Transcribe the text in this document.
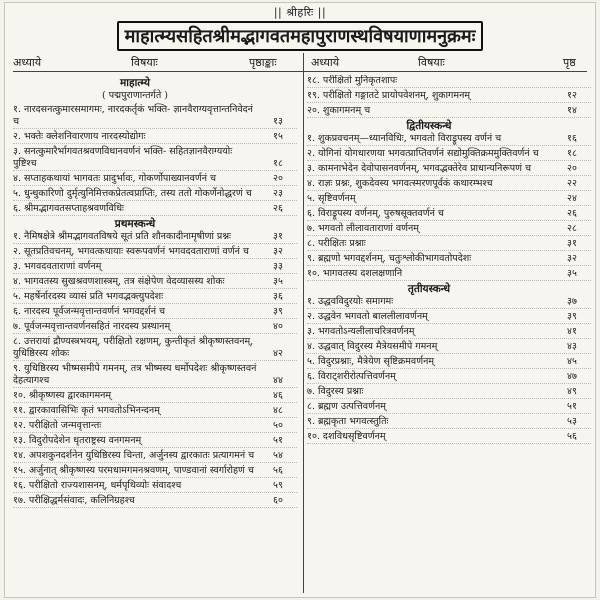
|| श्रीहरिः ||
माहात्म्यसहितश्रीमद्भागवतमहापुराणस्थविषयाणामनुक्रमः
अध्याये	विषयाः	पृष्ठाङ्काः	अध्याये	विषयाः	पृष्ठ
माहात्म्ये
( पद्मपुराणान्तर्गते )
१. नारदसनत्कुमारसमागमः, नारदकर्तृकं भक्ति- ज्ञानवैराग्यवृत्तान्तनिवेदनं च	१३
२. भक्तेः क्लेशनिवारणाय नारदस्योद्योगः	१५
३. सनत्कुमारैर्भागवतश्रवणविधानवर्णनं भक्ति- सहितज्ञानवैराग्ययोः पुष्टिश्च	१८
४. सप्ताहकथायां भागवतः प्रादुर्भावः, गोकर्णोपाख्यानवर्णनं च	२०
५. धुन्धुकारिणो दुर्मृत्युनिमित्तकप्रेतत्वप्राप्तिः, तस्य ततो गोकर्णेनोद्धरणं च	२३
६. श्रीमद्भागवतसप्ताहश्रवणविधिः	२६
प्रथमस्कन्धे
१. नैमिषक्षेत्रे श्रीमद्भागवतविषये सूतं प्रति शौनकादीनामृषीणां प्रश्नः	३१
२. सूतप्रतिवचनम्, भगवत्कथायाः स्वरूपवर्णनं भगवदवताराणां वर्णनं च	३२
३. भगवदवताराणां वर्णनम्	३३
४. भागवतस्य सुखश्रवणशास्त्रम्, तत्र संक्षेपेण वेदव्यासस्य शोकः	३५
५. महर्षेर्नारदस्य व्यासं प्रति भगवद्भक्त्युपदेशः	३६
६. नारदस्य पूर्वजन्मवृत्तान्तवर्णनं भगवद्दर्शनं च	३९
७. पूर्वजन्मवृत्तान्तवर्णनसहितं नारदस्य प्रस्थानम्	४०
८. उत्तरायां द्रौण्यस्त्रभयम्, परीक्षितो रक्षणम्, कुन्तीकृतं श्रीकृष्णस्तवनम्, युधिष्ठिरस्य शोकः	४२
९. युधिष्ठिरस्य भीष्मसमीपे गमनम्, तत्र भीष्मस्य धर्मोपदेशः श्रीकृष्णस्तवनं देहत्यागश्च	४४
१०. श्रीकृष्णस्य द्वारकागमनम्	४६
११. द्वारकावासिभिः कृतं भगवतोऽभिनन्दनम्	४८
१२. परीक्षितो जन्मवृत्तान्तः	५०
१३. विदुरोपदेशेन धृतराष्ट्रस्य वनगमनम्	५१
१४. अपशकुनदर्शनेन युधिष्ठिरस्य चिन्ता, अर्जुनस्य द्वारकातः प्रत्यागमनं च	५४
१५. अर्जुनात् श्रीकृष्णस्य परमधामगमनश्रवणम्, पाण्डवानां स्वर्गारोहणं च	५६
१६. परीक्षितो राज्यशासनम्, धर्मपृथिव्योः संवादश्च	५९
१७. परीक्षिद्धर्मसंवादः, कलिनिग्रहश्च	६०
१८. परीक्षितो मुनिकृतशापः
१९. परीक्षितो गङ्गातटे प्रायोपवेशनम्, शुकागमनम्	१२
२०. शुकागमनम् च	१४
द्वितीयस्कन्धे
१. शुकप्रवचनम्—ध्यानविधिः, भगवतो विराड्रूपस्य वर्णनं च	१६
२. योगिनां योगधारणया भगवत्प्राप्तिवर्णनं सद्योमुक्तिक्रममुक्तिवर्णनं च	१८
३. कामनाभेदेन देवोपासनवर्णनम्, भगवद्भक्तेरेव प्राधान्यनिरूपणं च	२०
४. राज्ञः प्रश्नः, शुकदेवस्य भगवत्स्मरणपूर्वकं कथारम्भश्च	२२
५. सृष्टिवर्णनम्	२४
६. विराड्रूपस्य वर्णनम्, पुरुषसूक्तवर्णनं च	२६
७. भगवतो लीलावताराणां वर्णनम्	२८
८. परीक्षितः प्रश्नाः	३१
९. ब्रह्मणो भगवद्दर्शनम्, चतुःश्लोकीभागवतोपदेशः	३२
१०. भागवतस्य दशलक्षणानि	३५
तृतीयस्कन्धे
१. उद्धवविदुरयोः समागमः	३७
२. उद्धवेन भगवतो बाललीलावर्णनम्	३९
३. भगवतोऽन्यलीलाचरित्रवर्णनम्	४१
४. उद्धवात् विदुरस्य मैत्रेयसमीपे गमनम्	४३
५. विदुरप्रश्नाः, मैत्रेयेण सृष्टिक्रमवर्णनम्	४५
६. विराट्शरीरोत्पत्तिवर्णनम्	४७
७. विदुरस्य प्रश्नाः	४९
८. ब्रह्मण उत्पत्तिवर्णनम्	५१
९. ब्रह्मकृता भगवत्स्तुतिः	५३
१०. दशविधसृष्टिवर्णनम्	५६
